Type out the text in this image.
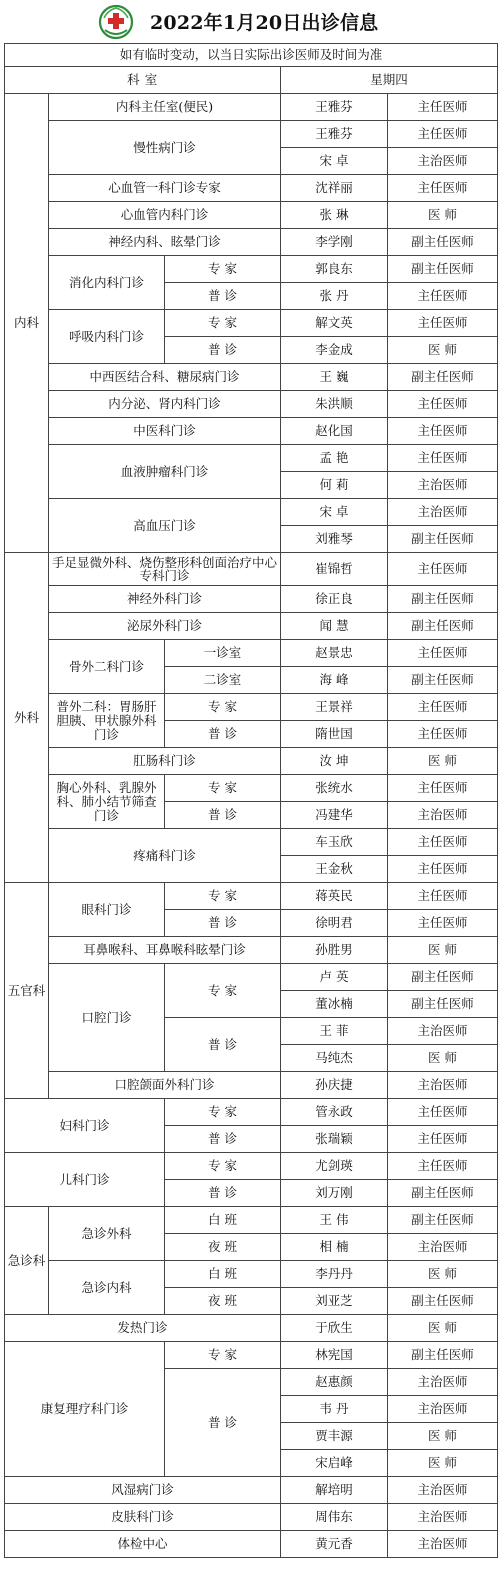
2022年1月20日出诊信息
如有临时变动，以当日实际出诊医师及时间为准				
科 室			星期四	
内科	内科主任室(便民)		王雅芬	主任医师
	慢性病门诊		王雅芬	主任医师
			宋 卓	主治医师
	心血管一科门诊专家		沈祥丽	主任医师
	心血管内科门诊		张 琳	医 师
	神经内科、眩晕门诊		李学刚	副主任医师
	消化内科门诊	专 家	郭良东	副主任医师
		普 诊	张 丹	主任医师
	呼吸内科门诊	专 家	解文英	主任医师
		普 诊	李金成	医 师
	中西医结合科、糖尿病门诊		王 巍	副主任医师
	内分泌、肾内科门诊		朱洪顺	主任医师
	中医科门诊		赵化国	主任医师
	血液肿瘤科门诊		孟 艳	主任医师
			何 莉	主治医师
	高血压门诊		宋 卓	主治医师
			刘雅琴	副主任医师
外科	手足显微外科、烧伤整形科创面治疗中心专科门诊		崔锦哲	主任医师
	神经外科门诊		徐正良	副主任医师
	泌尿外科门诊		闻 慧	副主任医师
	骨外二科门诊	一诊室	赵景忠	主任医师
		二诊室	海 峰	副主任医师
	普外二科：胃肠肝胆胰、甲状腺外科门诊	专 家	王景祥	主任医师
		普 诊	隋世国	主任医师
	肛肠科门诊		汝 坤	医 师
	胸心外科、乳腺外科、肺小结节筛查门诊	专 家	张统水	主任医师
		普 诊	冯建华	主治医师
	疼痛科门诊		车玉欣	主任医师
			王金秋	主任医师
五官科	眼科门诊	专 家	蒋英民	主任医师
		普 诊	徐明君	主任医师
	耳鼻喉科、耳鼻喉科眩晕门诊		孙胜男	医 师
	口腔门诊	专 家	卢 英	副主任医师
			董冰楠	副主任医师
		普 诊	王 菲	主治医师
			马纯杰	医 师
	口腔颌面外科门诊		孙庆捷	主治医师
妇科门诊		专 家	管永政	主任医师
		普 诊	张瑞颖	主任医师
儿科门诊		专 家	尤剑瑛	主任医师
		普 诊	刘万刚	副主任医师
急诊科	急诊外科	白 班	王 伟	副主任医师
		夜 班	相 楠	主治医师
	急诊内科	白 班	李丹丹	医 师
		夜 班	刘亚芝	副主任医师
发热门诊			于欣生	医 师
康复理疗科门诊		专 家	林宪国	副主任医师
		普 诊	赵惠颜	主治医师
			韦 丹	主治医师
			贾丰源	医 师
			宋启峰	医 师
风湿病门诊			解培明	主治医师
皮肤科门诊			周伟东	主治医师
体检中心			黄元香	主治医师
